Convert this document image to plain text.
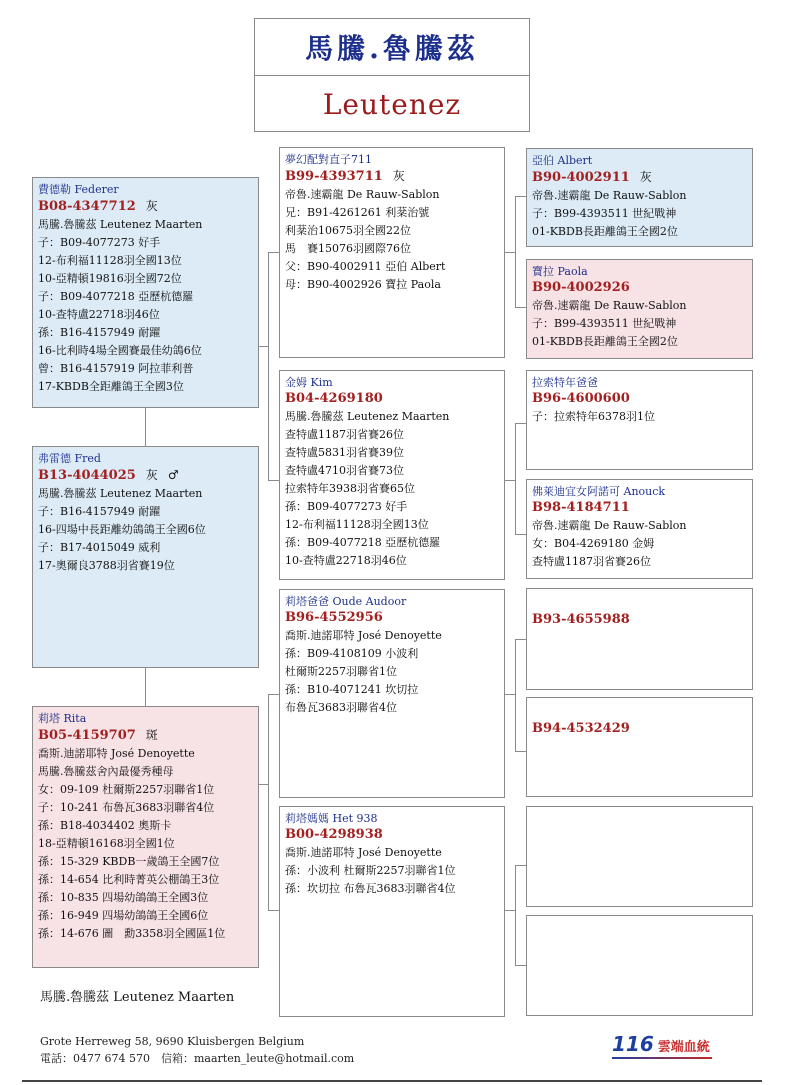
馬騰.魯騰茲
Leutenez
費德勒 Federer
B08-4347712 灰
馬騰.魯騰茲 Leutenez Maarten
子：B09-4077273 好手
12-布利福11128羽全國13位
10-亞精頓19816羽全國72位
子：B09-4077218 亞歷杭德羅
10-查特盧22718羽46位
孫：B16-4157949 耐躍
16-比利時4場全國賽最佳幼鴿6位
曾：B16-4157919 阿拉菲利普
17-KBDB全距離鴿王全國3位
弗雷德 Fred
B13-4044025 灰 ♂
馬騰.魯騰茲 Leutenez Maarten
子：B16-4157949 耐躍
16-四場中長距離幼鴿鴿王全國6位
子：B17-4015049 威利
17-奧爾良3788羽省賽19位
莉塔 Rita
B05-4159707 斑
喬斯.迪諾耶特 José Denoyette
馬騰.魯騰茲舍內最優秀種母
女：09-109 杜爾斯2257羽聯省1位
子：10-241 布魯瓦3683羽聯省4位
孫：B18-4034402 奧斯卡
18-亞精頓16168羽全國1位
孫：15-329 KBDB一歲鴿王全國7位
孫：14-654 比利時菁英公棚鴿王3位
孫：10-835 四場幼鴿鴿王全國3位
孫：16-949 四場幼鴿鴿王全國6位
孫：14-676 圖　勳3358羽全國區1位
夢幻配對直子711
B99-4393711 灰
帝魯.速霸龍 De Rauw-Sablon
兄：B91-4261261 利棻治號
利棻治10675羽全國22位
馬　賽15076羽國際76位
父：B90-4002911 亞伯 Albert
母：B90-4002926 寶拉 Paola
金姆 Kim
B04-4269180
馬騰.魯騰茲 Leutenez Maarten
查特盧1187羽省賽26位
查特盧5831羽省賽39位
查特盧4710羽省賽73位
拉索特年3938羽省賽65位
孫：B09-4077273 好手
12-布利福11128羽全國13位
孫：B09-4077218 亞歷杭德羅
10-查特盧22718羽46位
莉塔爸爸 Oude Audoor
B96-4552956
喬斯.迪諾耶特 José Denoyette
孫：B09-4108109 小波利
杜爾斯2257羽聯省1位
孫：B10-4071241 坎切拉
布魯瓦3683羽聯省4位
莉塔媽媽 Het 938
B00-4298938
喬斯.迪諾耶特 José Denoyette
孫：小波利 杜爾斯2257羽聯省1位
孫：坎切拉 布魯瓦3683羽聯省4位
亞伯 Albert
B90-4002911 灰
帝魯.速霸龍 De Rauw-Sablon
子：B99-4393511 世紀戰神
01-KBDB長距離鴿王全國2位
寶拉 Paola
B90-4002926
帝魯.速霸龍 De Rauw-Sablon
子：B99-4393511 世紀戰神
01-KBDB長距離鴿王全國2位
拉索特年爸爸
B96-4600600
子：拉索特年6378羽1位
佛萊迪宜女阿諾可 Anouck
B98-4184711
帝魯.速霸龍 De Rauw-Sablon
女：B04-4269180 金姆
查特盧1187羽省賽26位
B93-4655988
B94-4532429
馬騰.魯騰茲 Leutenez Maarten
Grote Herreweg 58, 9690 Kluisbergen Belgium
電話：0477 674 570　信箱：maarten_leute@hotmail.com
116 雲端血統
